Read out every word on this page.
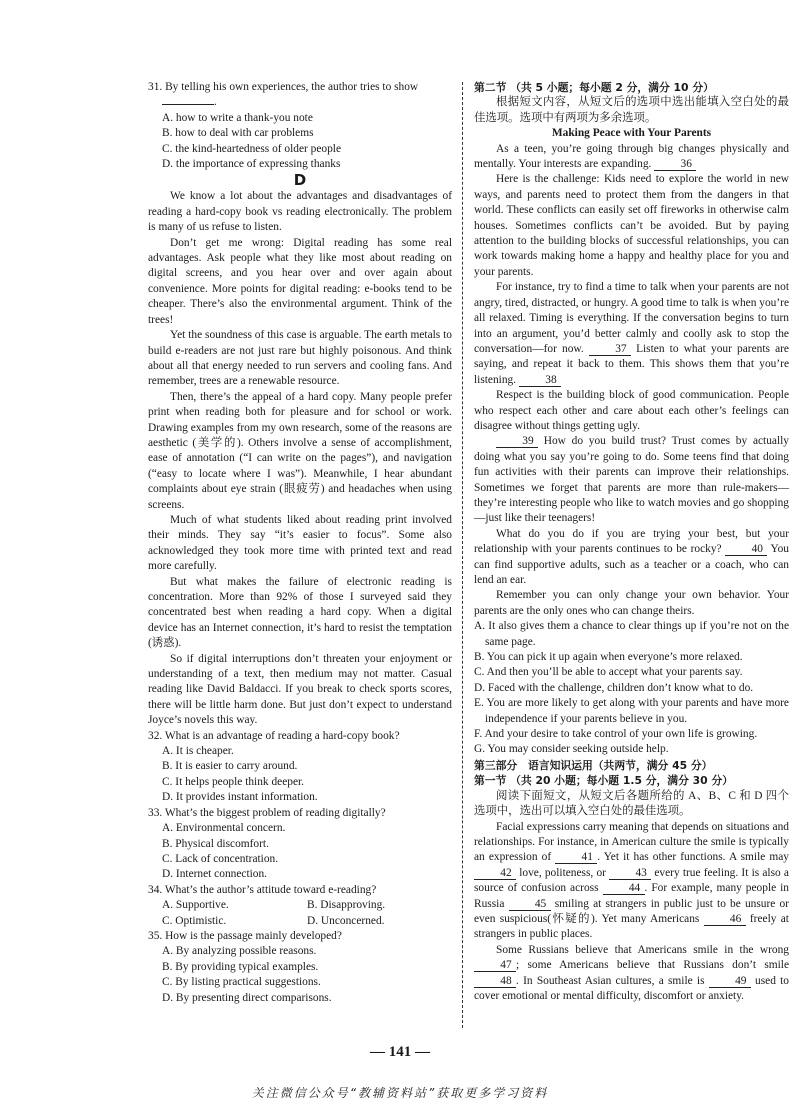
31. By telling his own experiences, the author tries to show

.

A. how to write a thank-you note

B. how to deal with car problems

C. the kind-heartedness of older people

D. the importance of expressing thanks

D

We know a lot about the advantages and disadvantages of reading a hard-copy book vs reading electronically. The problem is many of us refuse to listen.

Don’t get me wrong: Digital reading has some real advantages. Ask people what they like most about reading on digital screens, and you hear over and over again about convenience. More points for digital reading: e-books tend to be cheaper. There’s also the environmental argument. Think of the trees!

Yet the soundness of this case is arguable. The earth metals to build e-readers are not just rare but highly poisonous. And think about all that energy needed to run servers and cooling fans. And remember, trees are a renewable resource.

Then, there’s the appeal of a hard copy. Many people prefer print when reading both for pleasure and for school or work. Drawing examples from my own research, some of the reasons are aesthetic (美学的). Others involve a sense of accomplishment, ease of annotation (“I can write on the pages”), and navigation (“easy to locate where I was”). Meanwhile, I hear abundant complaints about eye strain (眼疲劳) and headaches when using screens.

Much of what students liked about reading print involved their minds. They say “it’s easier to focus”. Some also acknowledged they took more time with printed text and read more carefully.

But what makes the failure of electronic reading is concentration. More than 92% of those I surveyed said they concentrated best when reading a hard copy. When a digital device has an Internet connection, it’s hard to resist the temptation (诱惑).

So if digital interruptions don’t threaten your enjoyment or understanding of a text, then medium may not matter. Casual reading like David Baldacci. If you break to check sports scores, there will be little harm done. But just don’t expect to understand Joyce’s novels this way.

32. What is an advantage of reading a hard-copy book?

A. It is cheaper.

B. It is easier to carry around.

C. It helps people think deeper.

D. It provides instant information.

33. What’s the biggest problem of reading digitally?

A. Environmental concern.

B. Physical discomfort.

C. Lack of concentration.

D. Internet connection.

34. What’s the author’s attitude toward e-reading?

A. Supportive.	B. Disapproving.
C. Optimistic.	D. Unconcerned.

35. How is the passage mainly developed?

A. By analyzing possible reasons.

B. By providing typical examples.

C. By listing practical suggestions.

D. By presenting direct comparisons.

第二节 （共 5 小题；每小题 2 分，满分 10 分）

根据短文内容，从短文后的选项中选出能填入空白处的最佳选项。选项中有两项为多余选项。

Making Peace with Your Parents

As a teen, you’re going through big changes physically and mentally. Your interests are expanding.	36

Here is the challenge: Kids need to explore the world in new ways, and parents need to protect them from the dangers in that world. These conflicts can easily set off fireworks in otherwise calm houses. Sometimes conflicts can’t be avoided. But by paying attention to the building blocks of successful relationships, you can work towards making home a happy and healthy place for you and your parents.

For instance, try to find a time to talk when your parents are not angry, tired, distracted, or hungry. A good time to talk is when you’re all relaxed. Timing is everything. If the conversation begins to turn into an argument, you’d better calmly and coolly ask to stop the conversation—for now.	37 Listen to what your parents are saying, and repeat it back to them. This shows them that you’re listening.	38

Respect is the building block of good communication. People who respect each other and care about each other’s feelings can disagree without things getting ugly.

39 How do you build trust? Trust comes by actually doing what you say you’re going to do. Some teens find that doing fun activities with their parents can improve their relationships. Sometimes we forget that parents are more than rule-makers—they’re interesting people who like to watch movies and go shopping—just like their teenagers!

What do you do if you are trying your best, but your relationship with your parents continues to be rocky?	40 You can find supportive adults, such as a teacher or a coach, who can lend an ear.

Remember you can only change your own behavior. Your parents are the only ones who can change theirs.

A. It also gives them a chance to clear things up if you’re not on the same page.

B. You can pick it up again when everyone’s more relaxed.

C. And then you’ll be able to accept what your parents say.

D. Faced with the challenge, children don’t know what to do.

E. You are more likely to get along with your parents and have more independence if your parents believe in you.

F. And your desire to take control of your own life is growing.

G. You may consider seeking outside help.

第三部分　语言知识运用（共两节，满分 45 分）

第一节 （共 20 小题；每小题 1.5 分，满分 30 分）

阅读下面短文，从短文后各题所给的 A、B、C 和 D 四个选项中，选出可以填入空白处的最佳选项。

Facial expressions carry meaning that depends on situations and relationships. For instance, in American culture the smile is typically an expression of	41 . Yet it has other functions. A smile may 42 love, politeness, or	43 every true feeling. It is also a source of confusion across	44 . For example, many people in Russia	45 smiling at strangers in public just to be unsure or even suspicious(怀疑的). Yet many Americans	46 freely at strangers in public places.

Some Russians believe that Americans smile in the wrong 47 ; some Americans believe that Russians don’t smile 48 . In Southeast Asian cultures, a smile is	49 used to cover emotional or mental difficulty, discomfort or anxiety.

— 141 —
关注微信公众号“教辅资料站”获取更多学习资料
